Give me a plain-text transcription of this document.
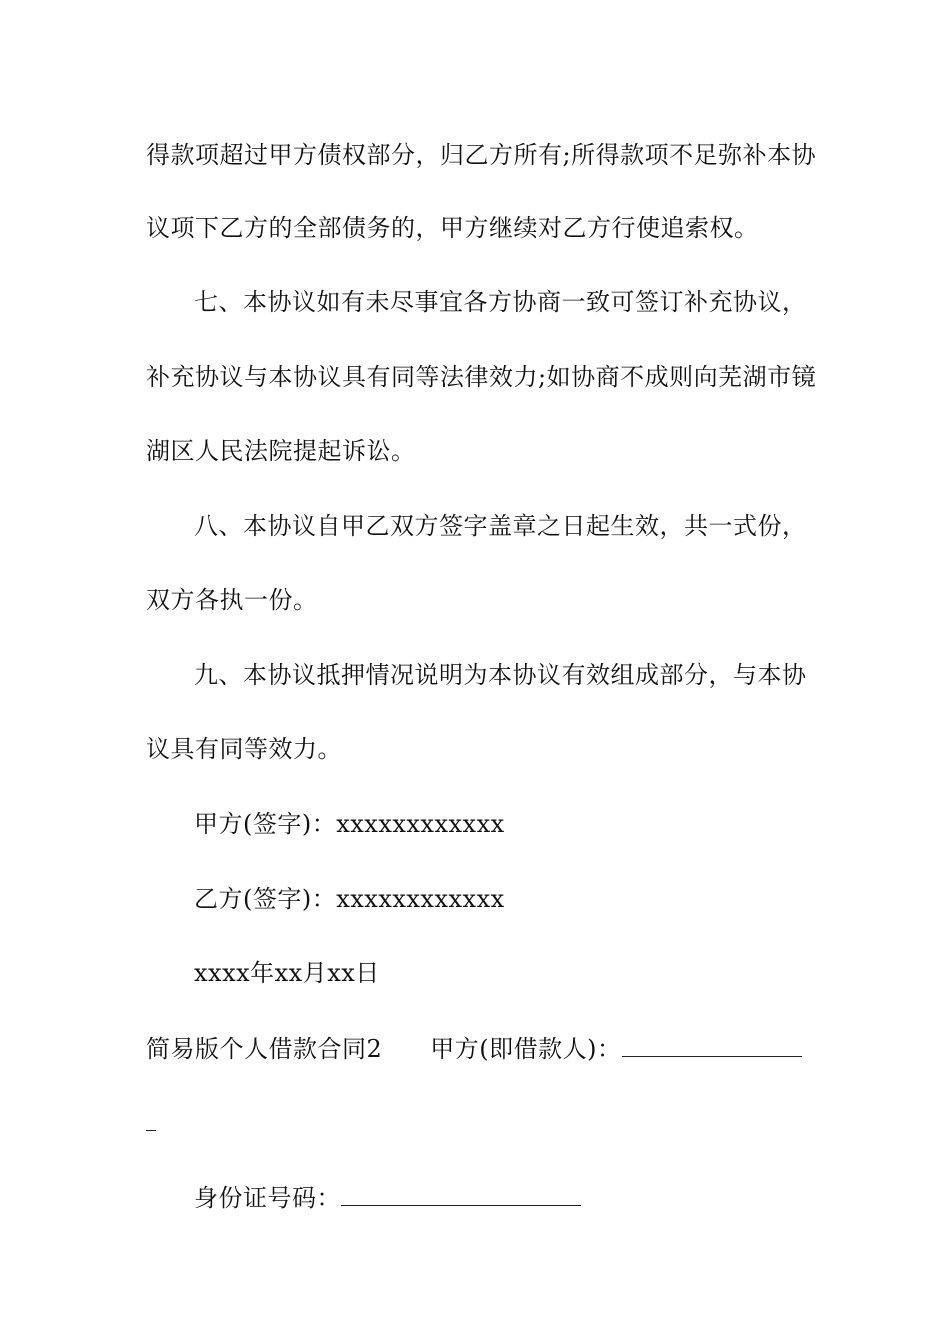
得款项超过甲方债权部分，归乙方所有;所得款项不足弥补本协
议项下乙方的全部债务的，甲方继续对乙方行使追索权。
七、本协议如有未尽事宜各方协商一致可签订补充协议，
补充协议与本协议具有同等法律效力;如协商不成则向芜湖市镜
湖区人民法院提起诉讼。
八、本协议自甲乙双方签字盖章之日起生效，共一式份，
双方各执一份。
九、本协议抵押情况说明为本协议有效组成部分，与本协
议具有同等效力。
甲方(签字)：xxxxxxxxxxxx
乙方(签字)：xxxxxxxxxxxx
xxxx年xx月xx日
简易版个人借款合同2 甲方(即借款人)：
身份证号码：
